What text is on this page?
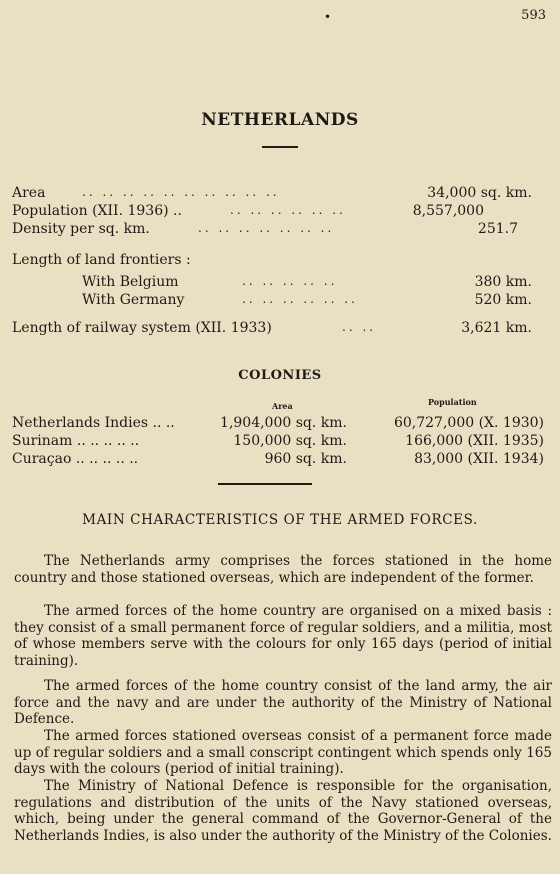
•	593
NETHERLANDS
Area	.. .. .. .. .. .. .. .. .. ..	34,000 sq. km.
Population (XII. 1936) ..	.. .. .. .. .. ..	8,557,000
Density per sq. km.	.. .. .. .. .. .. ..	251.7
Length of land frontiers :
With Belgium	.. .. .. .. ..	380 km.
With Germany	.. .. .. .. .. ..	520 km.
Length of railway system (XII. 1933)	.. ..	3,621 km.
COLONIES
Area	Population
Netherlands Indies .. ..	1,904,000 sq. km.	60,727,000 (X. 1930)
Surinam .. .. .. .. ..	150,000 sq. km.	166,000 (XII. 1935)
Curaçao .. .. .. .. ..	960 sq. km.	83,000 (XII. 1934)
MAIN CHARACTERISTICS OF THE ARMED FORCES.

The Netherlands army comprises the forces stationed in the home country and those stationed overseas, which are independent of the former.

The armed forces of the home country are organised on a mixed basis : they consist of a small permanent force of regular soldiers, and a militia, most of whose members serve with the colours for only 165 days (period of initial training).

The armed forces of the home country consist of the land army, the air force and the navy and are under the authority of the Ministry of National Defence.

The armed forces stationed overseas consist of a permanent force made up of regular soldiers and a small conscript contingent which spends only 165 days with the colours (period of initial training).

The Ministry of National Defence is responsible for the organisation, regulations and distribution of the units of the Navy stationed overseas, which, being under the general command of the Governor-General of the Netherlands Indies, is also under the authority of the Ministry of the Colonies.
